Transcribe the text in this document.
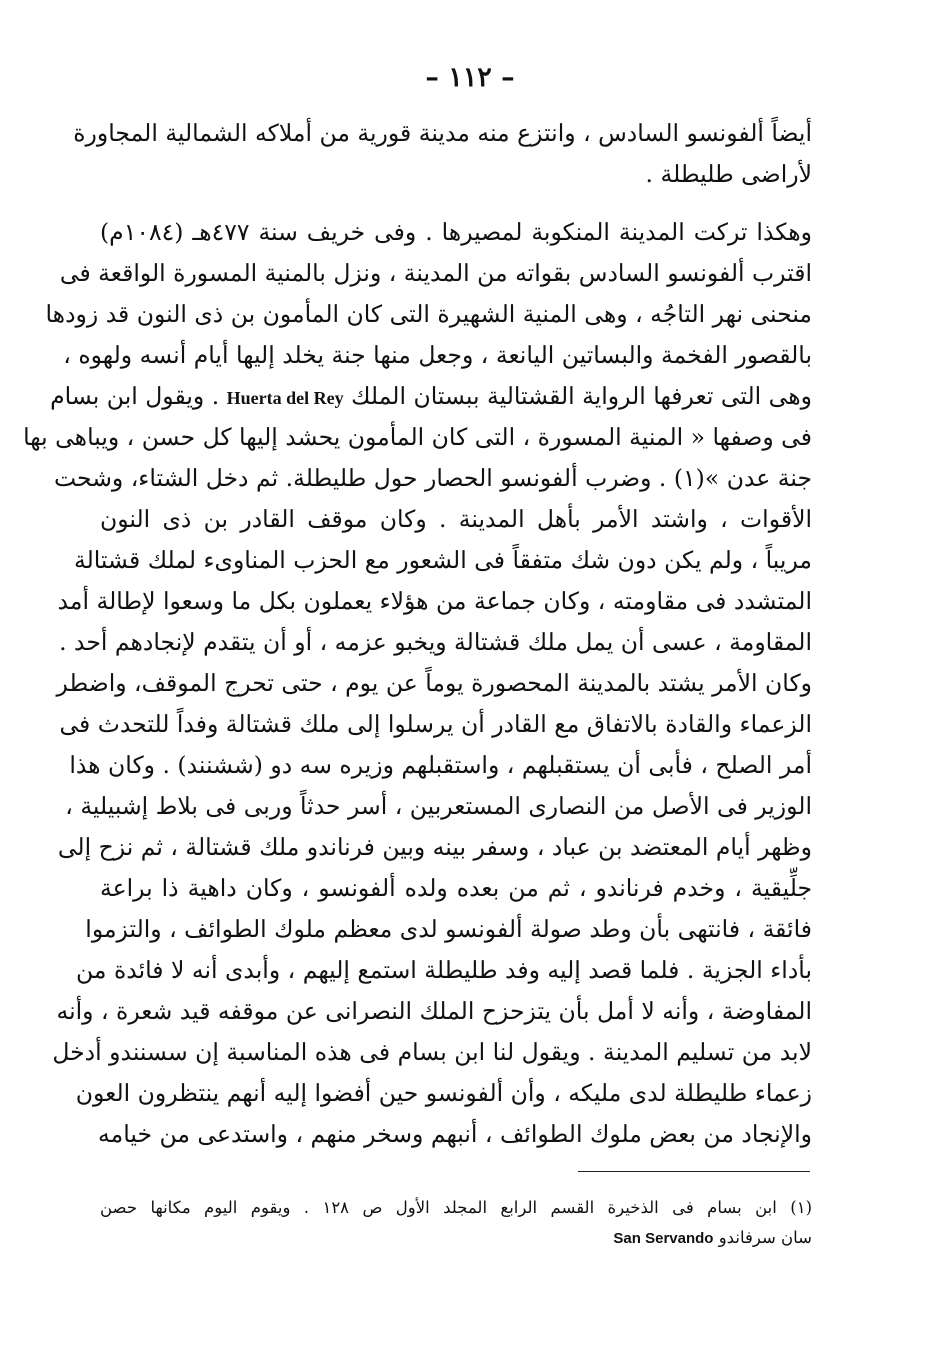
– ١١٢ –
أيضاً ألفونسو السادس ، وانتزع منه مدينة قورية من أملاكه الشمالية المجاورة
لأراضى طليطلة .
وهكذا تركت المدينة المنكوبة لمصيرها . وفى خريف سنة ٤٧٧هـ (١٠٨٤م)
اقترب ألفونسو السادس بقواته من المدينة ، ونزل بالمنية المسورة الواقعة فى
منحنى نهر التاجُه ، وهى المنية الشهيرة التى كان المأمون بن ذى النون قد زودها
بالقصور الفخمة والبساتين اليانعة ، وجعل منها جنة يخلد إليها أيام أنسه ولهوه ،
وهى التى تعرفها الرواية القشتالية ببستان الملك Huerta del Rey . ويقول ابن بسام
فى وصفها « المنية المسورة ، التى كان المأمون يحشد إليها كل حسن ، ويباهى بها
جنة عدن »(١) . وضرب ألفونسو الحصار حول طليطلة. ثم دخل الشتاء، وشحت
الأقوات ، واشتد الأمر بأهل المدينة . وكان موقف القادر بن ذى النون
مريباً ، ولم يكن دون شك متفقاً فى الشعور مع الحزب المناوىء لملك قشتالة
المتشدد فى مقاومته ، وكان جماعة من هؤلاء يعملون بكل ما وسعوا لإطالة أمد
المقاومة ، عسى أن يمل ملك قشتالة ويخبو عزمه ، أو أن يتقدم لإنجادهم أحد .
وكان الأمر يشتد بالمدينة المحصورة يوماً عن يوم ، حتى تحرج الموقف، واضطر
الزعماء والقادة بالاتفاق مع القادر أن يرسلوا إلى ملك قشتالة وفداً للتحدث فى
أمر الصلح ، فأبى أن يستقبلهم ، واستقبلهم وزيره سه دو (ششنند) . وكان هذا
الوزير فى الأصل من النصارى المستعربين ، أسر حدثاً وربى فى بلاط إشبيلية ،
وظهر أيام المعتضد بن عباد ، وسفر بينه وبين فرناندو ملك قشتالة ، ثم نزح إلى
جلِّيقية ، وخدم فرناندو ، ثم من بعده ولده ألفونسو ، وكان داهية ذا براعة
فائقة ، فانتهى بأن وطد صولة ألفونسو لدى معظم ملوك الطوائف ، والتزموا
بأداء الجزية . فلما قصد إليه وفد طليطلة استمع إليهم ، وأبدى أنه لا فائدة من
المفاوضة ، وأنه لا أمل بأن يتزحزح الملك النصرانى عن موقفه قيد شعرة ، وأنه
لابد من تسليم المدينة . ويقول لنا ابن بسام فى هذه المناسبة إن سسنندو أدخل
زعماء طليطلة لدى مليكه ، وأن ألفونسو حين أفضوا إليه أنهم ينتظرون العون
والإنجاد من بعض ملوك الطوائف ، أنبهم وسخر منهم ، واستدعى من خيامه
(١) ابن بسام فى الذخيرة القسم الرابع المجلد الأول ص ١٢٨ . ويقوم اليوم مكانها حصن
سان سرفاندو San Servando
